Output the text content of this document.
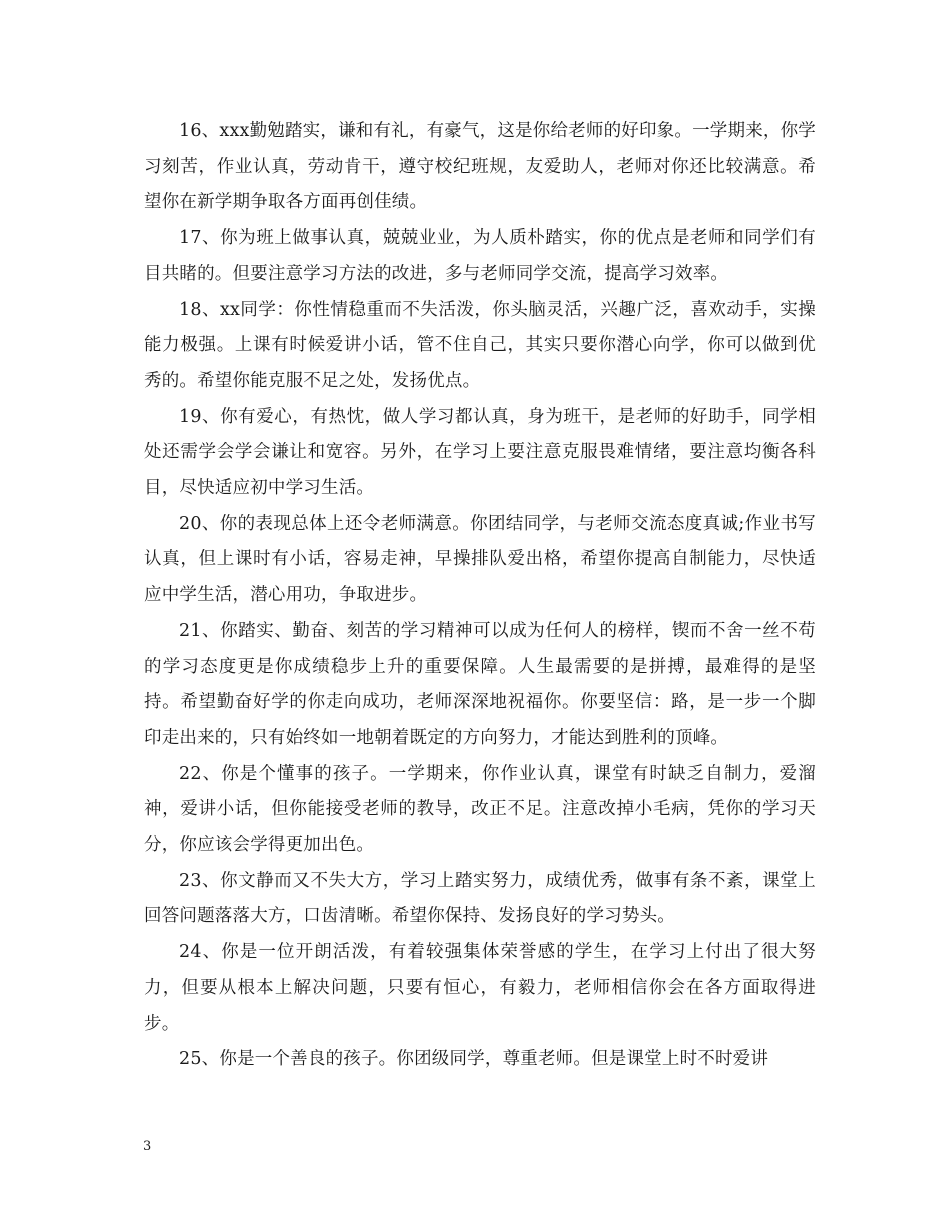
16、xxx勤勉踏实，谦和有礼，有豪气，这是你给老师的好印象。一学期来，你学习刻苦，作业认真，劳动肯干，遵守校纪班规，友爱助人，老师对你还比较满意。希望你在新学期争取各方面再创佳绩。

17、你为班上做事认真，兢兢业业，为人质朴踏实，你的优点是老师和同学们有目共睹的。但要注意学习方法的改进，多与老师同学交流，提高学习效率。

18、xx同学：你性情稳重而不失活泼，你头脑灵活，兴趣广泛，喜欢动手，实操能力极强。上课有时候爱讲小话，管不住自己，其实只要你潜心向学，你可以做到优秀的。希望你能克服不足之处，发扬优点。

19、你有爱心，有热忱，做人学习都认真，身为班干，是老师的好助手，同学相处还需学会学会谦让和宽容。另外，在学习上要注意克服畏难情绪，要注意均衡各科目，尽快适应初中学习生活。

20、你的表现总体上还令老师满意。你团结同学，与老师交流态度真诚;作业书写认真，但上课时有小话，容易走神，早操排队爱出格，希望你提高自制能力，尽快适应中学生活，潜心用功，争取进步。

21、你踏实、勤奋、刻苦的学习精神可以成为任何人的榜样，锲而不舍一丝不苟的学习态度更是你成绩稳步上升的重要保障。人生最需要的是拼搏，最难得的是坚持。希望勤奋好学的你走向成功，老师深深地祝福你。你要坚信：路，是一步一个脚印走出来的，只有始终如一地朝着既定的方向努力，才能达到胜利的顶峰。

22、你是个懂事的孩子。一学期来，你作业认真，课堂有时缺乏自制力，爱溜神，爱讲小话，但你能接受老师的教导，改正不足。注意改掉小毛病，凭你的学习天分，你应该会学得更加出色。

23、你文静而又不失大方，学习上踏实努力，成绩优秀，做事有条不紊，课堂上回答问题落落大方，口齿清晰。希望你保持、发扬良好的学习势头。

24、你是一位开朗活泼，有着较强集体荣誉感的学生，在学习上付出了很大努力，但要从根本上解决问题，只要有恒心，有毅力，老师相信你会在各方面取得进步。

25、你是一个善良的孩子。你团级同学，尊重老师。但是课堂上时不时爱讲

3
